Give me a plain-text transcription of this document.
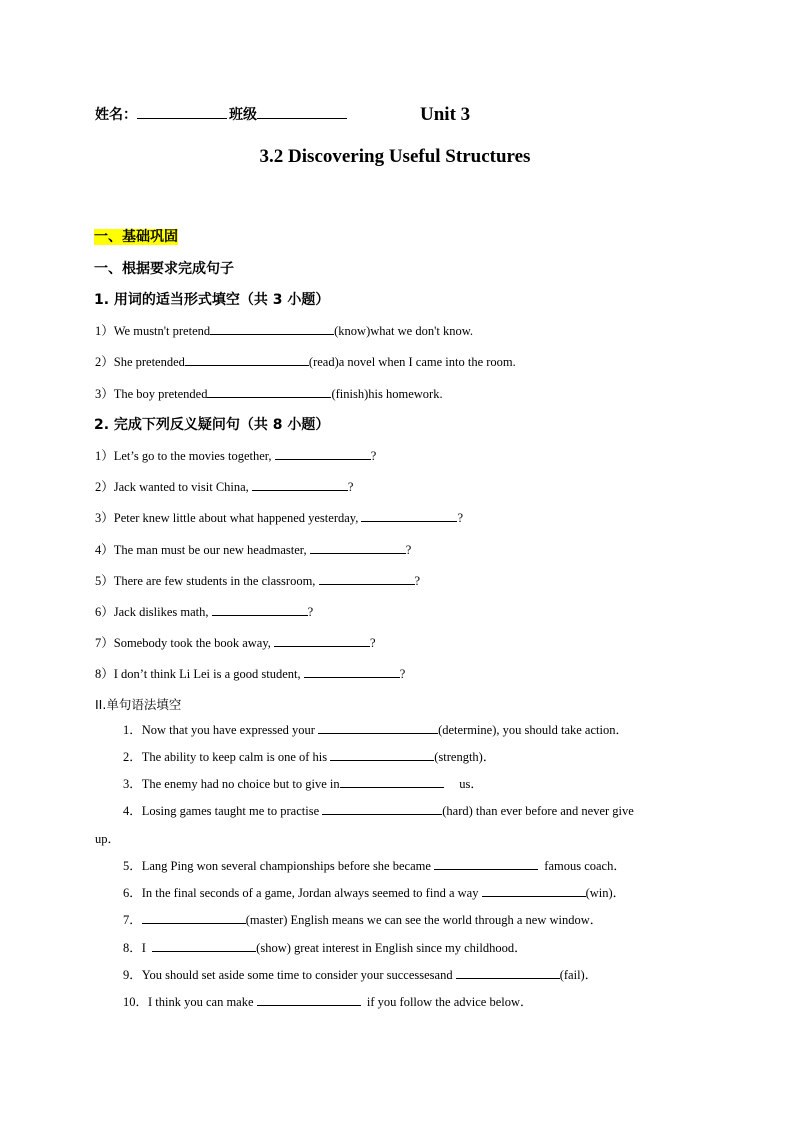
姓名：	班级	Unit 3
3.2 Discovering Useful Structures
一、基础巩固
一、根据要求完成句子
1. 用词的适当形式填空（共 3 小题）
1）We mustn't pretend	(know)what we don't know.
2）She pretended	(read)a novel when I came into the room.
3）The boy pretended	(finish)his homework.
2. 完成下列反义疑问句（共 8 小题）
1）Let’s go to the movies together,	?
2）Jack wanted to visit China,	?
3）Peter knew little about what happened yesterday,	?
4）The man must be our new headmaster,	?
5）There are few students in the classroom,	?
6）Jack dislikes math,	?
7）Somebody took the book away,	?
8）I don’t think Li Lei is a good student,	?
II.单句语法填空
1．Now that you have expressed your	(determine), you should take action．
2．The ability to keep calm is one of his	(strength)．
3．The enemy had no choice but to give in	us．
4．Losing games taught me to practise	(hard) than ever before and never give
up．
5．Lang Ping won several championships before she became	famous coach．
6．In the final seconds of a game, Jordan always seemed to find a way	(win)．
7．	(master) English means we can see the world through a new window．
8．I	(show) great interest in English since my childhood．
9．You should set aside some time to consider your successesand	(fail)．
10．I think you can make	if you follow the advice below．
